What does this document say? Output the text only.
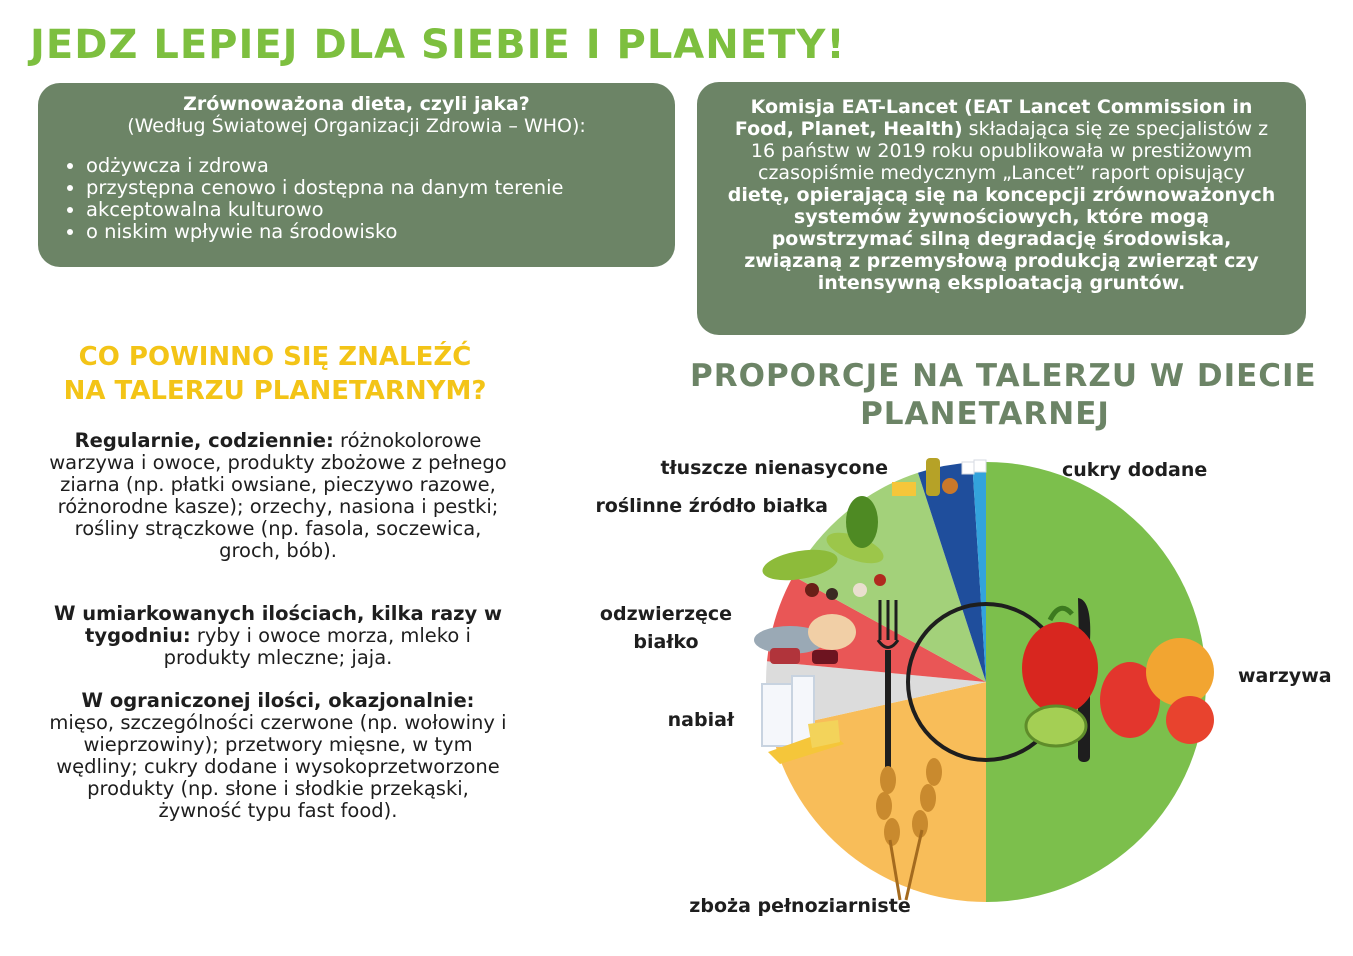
JEDZ LEPIEJ DLA SIEBIE I PLANETY!
Zrównoważona dieta, czyli jaka?
(Według Światowej Organizacji Zdrowia – WHO):
• odżywcza i zdrowa
• przystępna cenowo i dostępna na danym terenie
• akceptowalna kulturowo
• o niskim wpływie na środowisko
Komisja EAT-Lancet (EAT Lancet Commission in Food, Planet, Health) składająca się ze specjalistów z 16 państw w 2019 roku opublikowała w prestiżowym czasopiśmie medycznym „Lancet” raport opisujący dietę, opierającą się na koncepcji zrównoważonych systemów żywnościowych, które mogą powstrzymać silną degradację środowiska, związaną z przemysłową produkcją zwierząt czy intensywną eksploatacją gruntów.
CO POWINNO SIĘ ZNALEŹĆ
NA TALERZU PLANETARNYM?
Regularnie, codziennie: różnokolorowe warzywa i owoce, produkty zbożowe z pełnego ziarna (np. płatki owsiane, pieczywo razowe, różnorodne kasze); orzechy, nasiona i pestki; rośliny strączkowe (np. fasola, soczewica, groch, bób).
W umiarkowanych ilościach, kilka razy w tygodniu: ryby i owoce morza, mleko i produkty mleczne; jaja.
W ograniczonej ilości, okazjonalnie: mięso, szczególności czerwone (np. wołowiny i wieprzowiny); przetwory mięsne, w tym wędliny; cukry dodane i wysokoprzetworzone produkty (np. słone i słodkie przekąski, żywność typu fast food).
PROPORCJE NA TALERZU W DIECIE
PLANETARNEJ
warzywa
zboża pełnoziarniste
nabiał
odzwierzęce białko
roślinne źródło białka
tłuszcze nienasycone	cukry dodane
